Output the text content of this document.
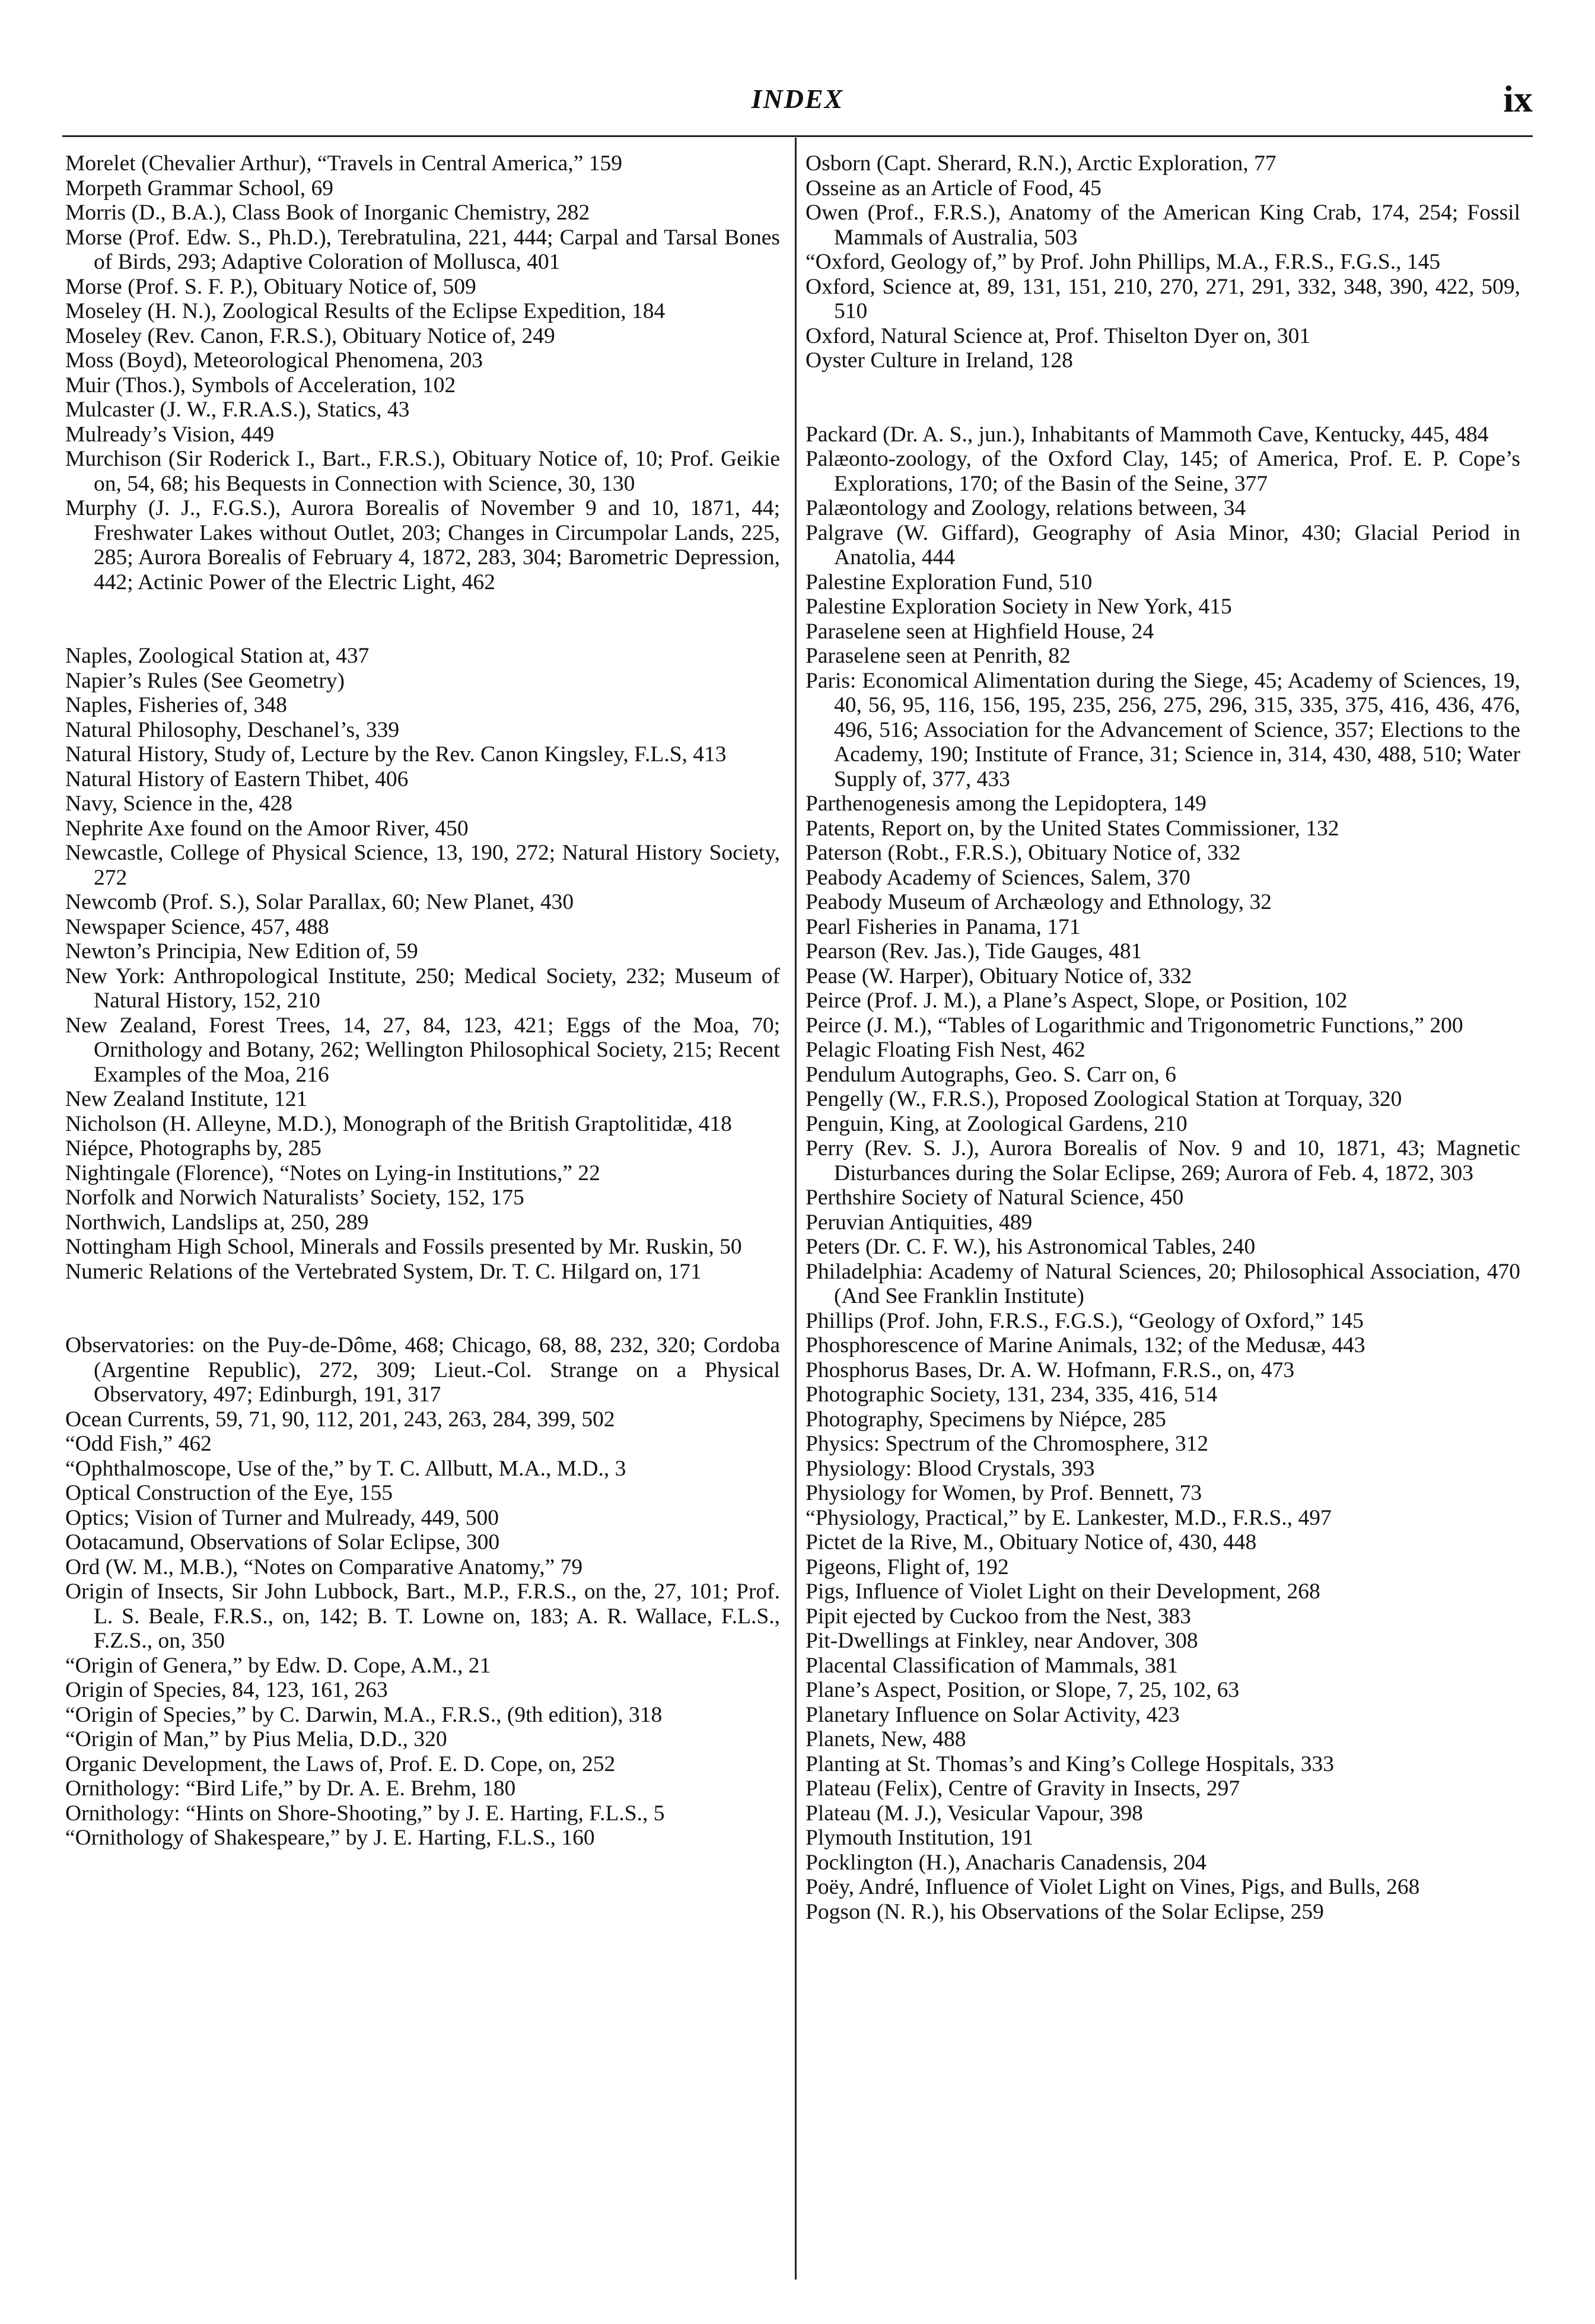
INDEX	ix
Morelet (Chevalier Arthur), “Travels in Central America,” 159
Morpeth Grammar School, 69
Morris (D., B.A.), Class Book of Inorganic Chemistry, 282
Morse (Prof. Edw. S., Ph.D.), Terebratulina, 221, 444; Carpal and Tarsal Bones of Birds, 293; Adaptive Coloration of Mollusca, 401
Morse (Prof. S. F. P.), Obituary Notice of, 509
Moseley (H. N.), Zoological Results of the Eclipse Expedition, 184
Moseley (Rev. Canon, F.R.S.), Obituary Notice of, 249
Moss (Boyd), Meteorological Phenomena, 203
Muir (Thos.), Symbols of Acceleration, 102
Mulcaster (J. W., F.R.A.S.), Statics, 43
Mulready’s Vision, 449
Murchison (Sir Roderick I., Bart., F.R.S.), Obituary Notice of, 10; Prof. Geikie on, 54, 68; his Bequests in Connection with Science, 30, 130
Murphy (J. J., F.G.S.), Aurora Borealis of November 9 and 10, 1871, 44; Freshwater Lakes without Outlet, 203; Changes in Circumpolar Lands, 225, 285; Aurora Borealis of February 4, 1872, 283, 304; Barometric Depression, 442; Actinic Power of the Electric Light, 462
Naples, Zoological Station at, 437
Napier’s Rules (See Geometry)
Naples, Fisheries of, 348
Natural Philosophy, Deschanel’s, 339
Natural History, Study of, Lecture by the Rev. Canon Kingsley, F.L.S, 413
Natural History of Eastern Thibet, 406
Navy, Science in the, 428
Nephrite Axe found on the Amoor River, 450
Newcastle, College of Physical Science, 13, 190, 272; Natural History Society, 272
Newcomb (Prof. S.), Solar Parallax, 60; New Planet, 430
Newspaper Science, 457, 488
Newton’s Principia, New Edition of, 59
New York: Anthropological Institute, 250; Medical Society, 232; Museum of Natural History, 152, 210
New Zealand, Forest Trees, 14, 27, 84, 123, 421; Eggs of the Moa, 70; Ornithology and Botany, 262; Wellington Philosophical Society, 215; Recent Examples of the Moa, 216
New Zealand Institute, 121
Nicholson (H. Alleyne, M.D.), Monograph of the British Graptolitidæ, 418
Niépce, Photographs by, 285
Nightingale (Florence), “Notes on Lying-in Institutions,” 22
Norfolk and Norwich Naturalists’ Society, 152, 175
Northwich, Landslips at, 250, 289
Nottingham High School, Minerals and Fossils presented by Mr. Ruskin, 50
Numeric Relations of the Vertebrated System, Dr. T. C. Hilgard on, 171
Observatories: on the Puy-de-Dôme, 468; Chicago, 68, 88, 232, 320; Cordoba (Argentine Republic), 272, 309; Lieut.-Col. Strange on a Physical Observatory, 497; Edinburgh, 191, 317
Ocean Currents, 59, 71, 90, 112, 201, 243, 263, 284, 399, 502
“Odd Fish,” 462
“Ophthalmoscope, Use of the,” by T. C. Allbutt, M.A., M.D., 3
Optical Construction of the Eye, 155
Optics; Vision of Turner and Mulready, 449, 500
Ootacamund, Observations of Solar Eclipse, 300
Ord (W. M., M.B.), “Notes on Comparative Anatomy,” 79
Origin of Insects, Sir John Lubbock, Bart., M.P., F.R.S., on the, 27, 101; Prof. L. S. Beale, F.R.S., on, 142; B. T. Lowne on, 183; A. R. Wallace, F.L.S., F.Z.S., on, 350
“Origin of Genera,” by Edw. D. Cope, A.M., 21
Origin of Species, 84, 123, 161, 263
“Origin of Species,” by C. Darwin, M.A., F.R.S., (9th edition), 318
“Origin of Man,” by Pius Melia, D.D., 320
Organic Development, the Laws of, Prof. E. D. Cope, on, 252
Ornithology: “Bird Life,” by Dr. A. E. Brehm, 180
Ornithology: “Hints on Shore-Shooting,” by J. E. Harting, F.L.S., 5
“Ornithology of Shakespeare,” by J. E. Harting, F.L.S., 160
Osborn (Capt. Sherard, R.N.), Arctic Exploration, 77
Osseine as an Article of Food, 45
Owen (Prof., F.R.S.), Anatomy of the American King Crab, 174, 254; Fossil Mammals of Australia, 503
“Oxford, Geology of,” by Prof. John Phillips, M.A., F.R.S., F.G.S., 145
Oxford, Science at, 89, 131, 151, 210, 270, 271, 291, 332, 348, 390, 422, 509, 510
Oxford, Natural Science at, Prof. Thiselton Dyer on, 301
Oyster Culture in Ireland, 128
Packard (Dr. A. S., jun.), Inhabitants of Mammoth Cave, Kentucky, 445, 484
Palæonto-zoology, of the Oxford Clay, 145; of America, Prof. E. P. Cope’s Explorations, 170; of the Basin of the Seine, 377
Palæontology and Zoology, relations between, 34
Palgrave (W. Giffard), Geography of Asia Minor, 430; Glacial Period in Anatolia, 444
Palestine Exploration Fund, 510
Palestine Exploration Society in New York, 415
Paraselene seen at Highfield House, 24
Paraselene seen at Penrith, 82
Paris: Economical Alimentation during the Siege, 45; Academy of Sciences, 19, 40, 56, 95, 116, 156, 195, 235, 256, 275, 296, 315, 335, 375, 416, 436, 476, 496, 516; Association for the Advancement of Science, 357; Elections to the Academy, 190; Institute of France, 31; Science in, 314, 430, 488, 510; Water Supply of, 377, 433
Parthenogenesis among the Lepidoptera, 149
Patents, Report on, by the United States Commissioner, 132
Paterson (Robt., F.R.S.), Obituary Notice of, 332
Peabody Academy of Sciences, Salem, 370
Peabody Museum of Archæology and Ethnology, 32
Pearl Fisheries in Panama, 171
Pearson (Rev. Jas.), Tide Gauges, 481
Pease (W. Harper), Obituary Notice of, 332
Peirce (Prof. J. M.), a Plane’s Aspect, Slope, or Position, 102
Peirce (J. M.), “Tables of Logarithmic and Trigonometric Functions,” 200
Pelagic Floating Fish Nest, 462
Pendulum Autographs, Geo. S. Carr on, 6
Pengelly (W., F.R.S.), Proposed Zoological Station at Torquay, 320
Penguin, King, at Zoological Gardens, 210
Perry (Rev. S. J.), Aurora Borealis of Nov. 9 and 10, 1871, 43; Magnetic Disturbances during the Solar Eclipse, 269; Aurora of Feb. 4, 1872, 303
Perthshire Society of Natural Science, 450
Peruvian Antiquities, 489
Peters (Dr. C. F. W.), his Astronomical Tables, 240
Philadelphia: Academy of Natural Sciences, 20; Philosophical Association, 470 (And See Franklin Institute)
Phillips (Prof. John, F.R.S., F.G.S.), “Geology of Oxford,” 145
Phosphorescence of Marine Animals, 132; of the Medusæ, 443
Phosphorus Bases, Dr. A. W. Hofmann, F.R.S., on, 473
Photographic Society, 131, 234, 335, 416, 514
Photography, Specimens by Niépce, 285
Physics: Spectrum of the Chromosphere, 312
Physiology: Blood Crystals, 393
Physiology for Women, by Prof. Bennett, 73
“Physiology, Practical,” by E. Lankester, M.D., F.R.S., 497
Pictet de la Rive, M., Obituary Notice of, 430, 448
Pigeons, Flight of, 192
Pigs, Influence of Violet Light on their Development, 268
Pipit ejected by Cuckoo from the Nest, 383
Pit-Dwellings at Finkley, near Andover, 308
Placental Classification of Mammals, 381
Plane’s Aspect, Position, or Slope, 7, 25, 102, 63
Planetary Influence on Solar Activity, 423
Planets, New, 488
Planting at St. Thomas’s and King’s College Hospitals, 333
Plateau (Felix), Centre of Gravity in Insects, 297
Plateau (M. J.), Vesicular Vapour, 398
Plymouth Institution, 191
Pocklington (H.), Anacharis Canadensis, 204
Poëy, André, Influence of Violet Light on Vines, Pigs, and Bulls, 268
Pogson (N. R.), his Observations of the Solar Eclipse, 259
